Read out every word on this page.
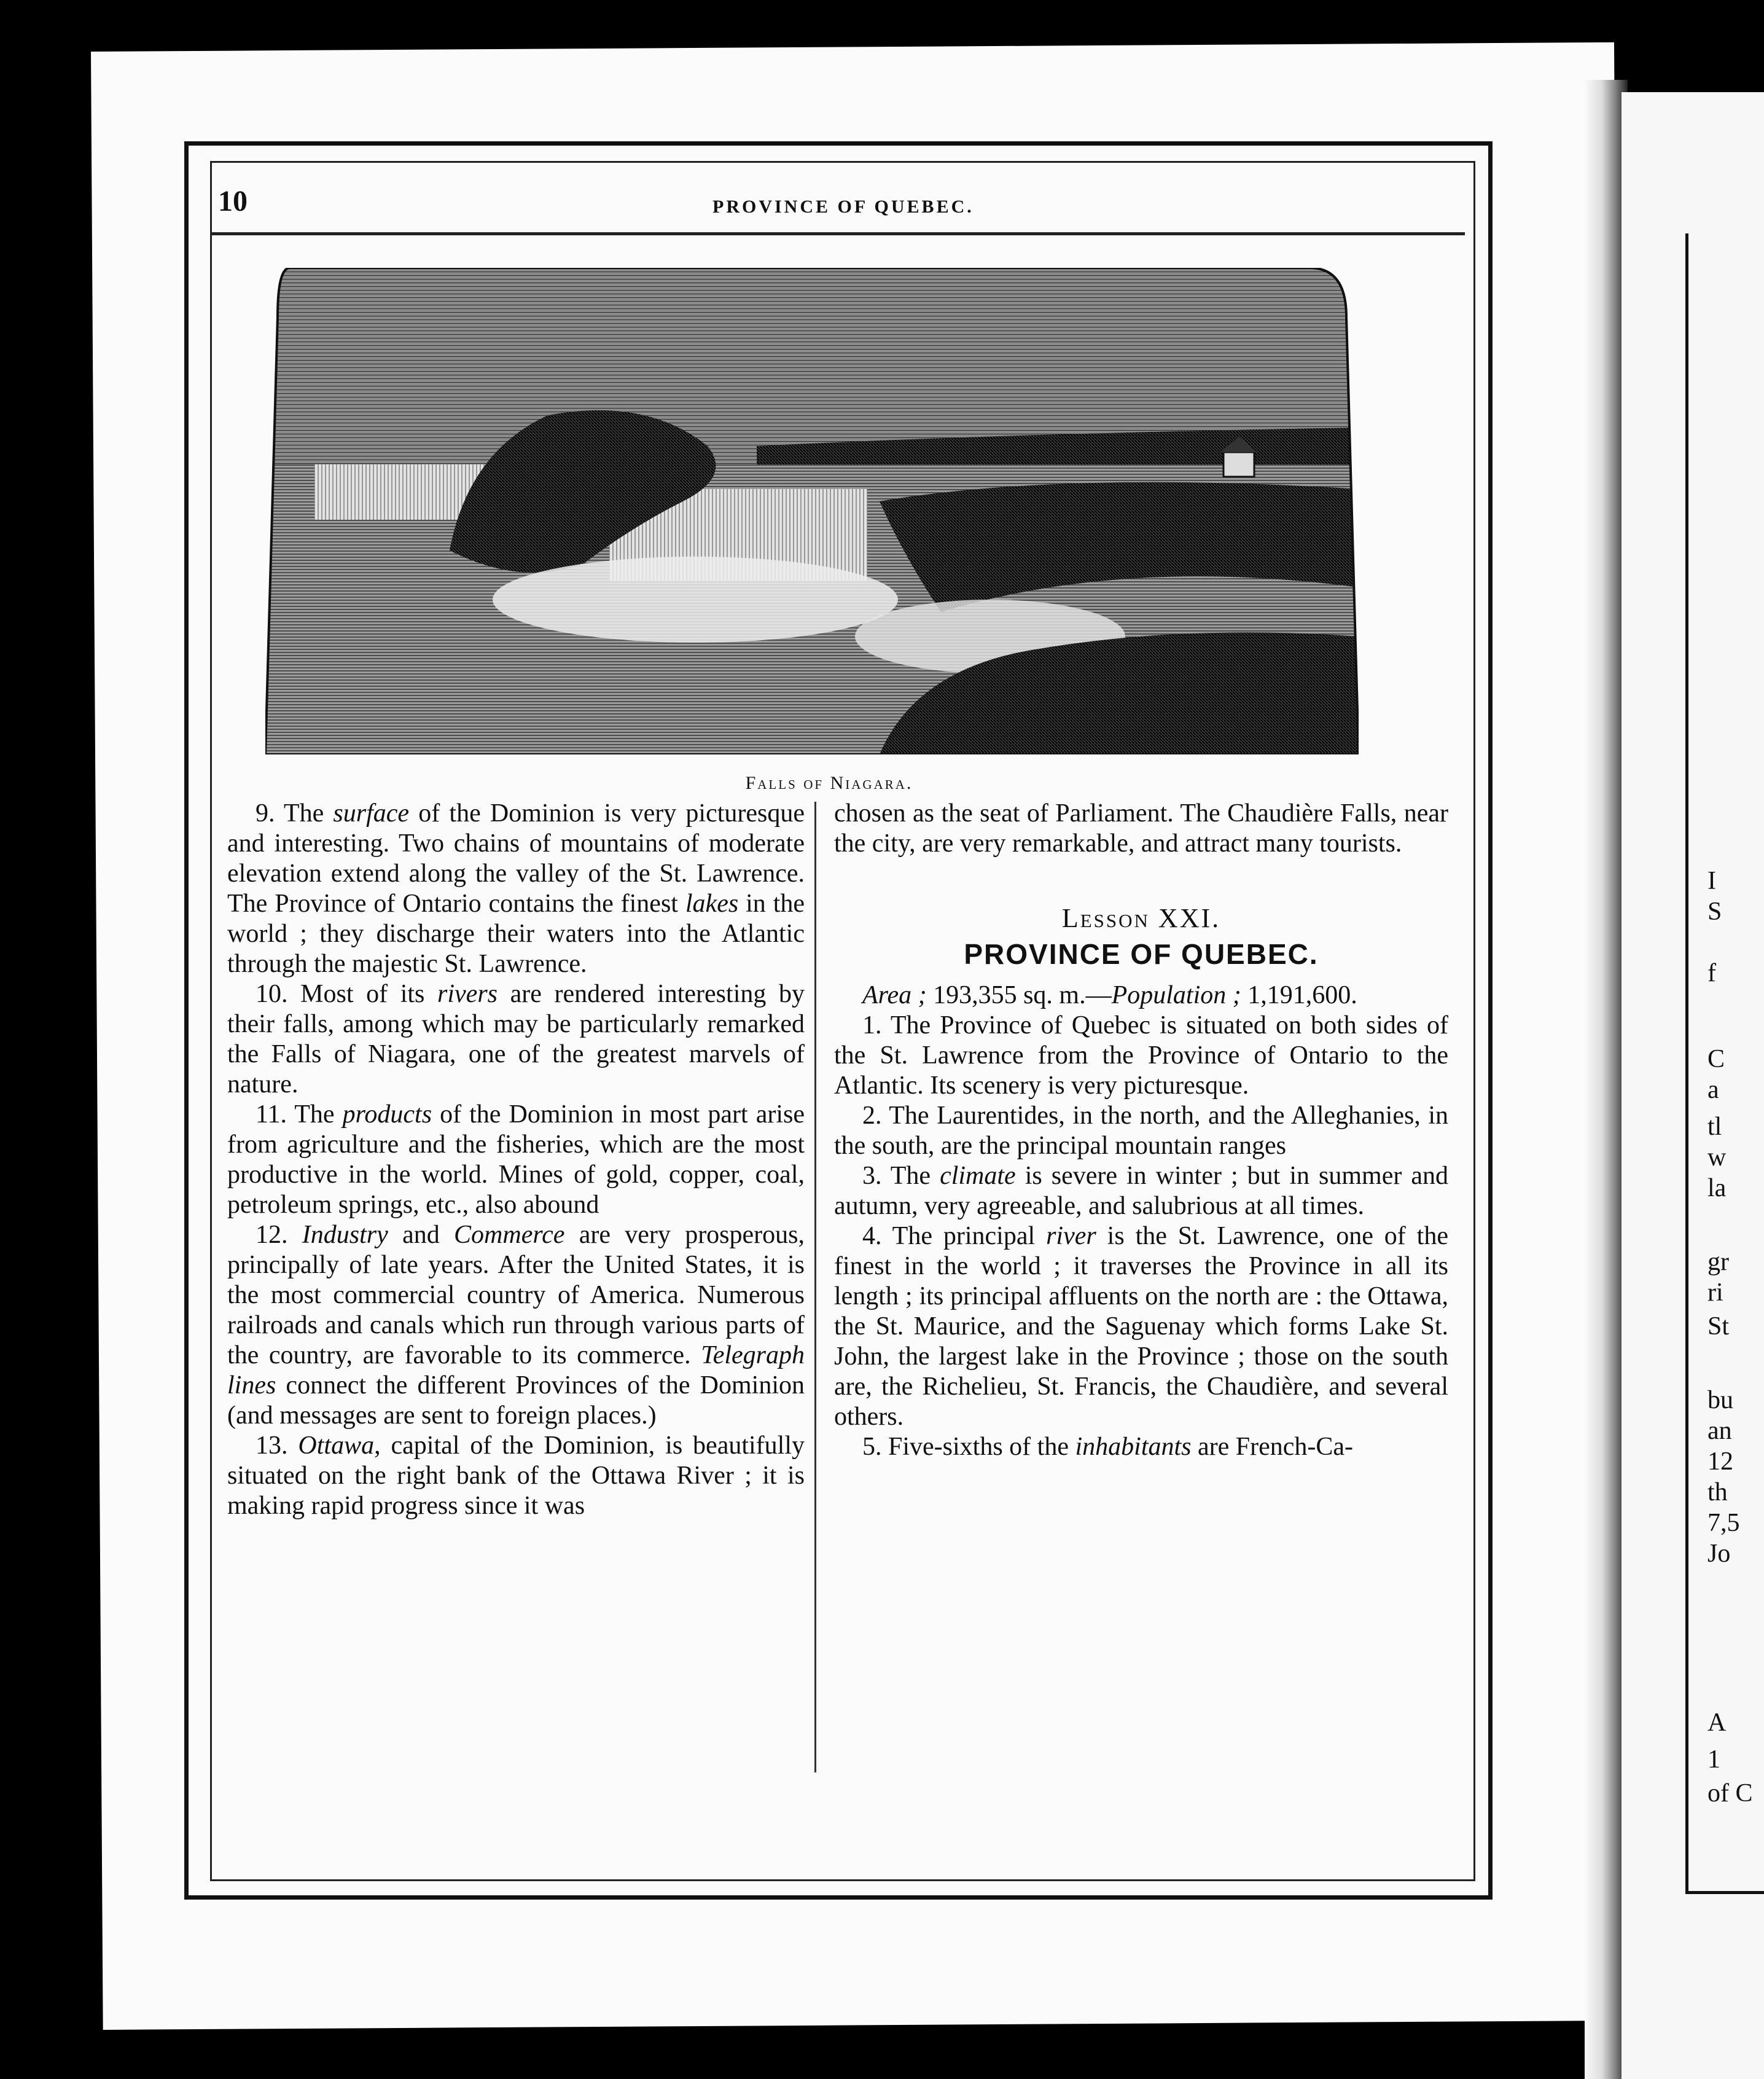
10	PROVINCE OF QUEBEC.
Falls of Niagara.

9. The surface of the Dominion is very picturesque and interesting. Two chains of mountains of moderate elevation extend along the valley of the St. Lawrence. The Province of Ontario contains the finest lakes in the world ; they discharge their waters into the Atlantic through the majestic St. Lawrence.

10. Most of its rivers are rendered interesting by their falls, among which may be particularly remarked the Falls of Niagara, one of the greatest marvels of nature.

11. The products of the Dominion in most part arise from agriculture and the fisheries, which are the most productive in the world. Mines of gold, copper, coal, petroleum springs, etc., also abound

12. Industry and Commerce are very prosperous, principally of late years. After the United States, it is the most commercial country of America. Numerous railroads and canals which run through various parts of the country, are favorable to its commerce. Telegraph lines connect the different Provinces of the Dominion (and messages are sent to foreign places.)

13. Ottawa, capital of the Dominion, is beautifully situated on the right bank of the Ottawa River ; it is making rapid progress since it was

chosen as the seat of Parliament. The Chaudière Falls, near the city, are very remarkable, and attract many tourists.

Lesson XXI.
PROVINCE OF QUEBEC.

Area ; 193,355 sq. m.—Population ; 1,191,600.

1. The Province of Quebec is situated on both sides of the St. Lawrence from the Province of Ontario to the Atlantic. Its scenery is very picturesque.

2. The Laurentides, in the north, and the Alleghanies, in the south, are the principal mountain ranges

3. The climate is severe in winter ; but in summer and autumn, very agreeable, and salubrious at all times.

4. The principal river is the St. Lawrence, one of the finest in the world ; it traverses the Province in all its length ; its principal affluents on the north are : the Ottawa, the St. Maurice, and the Saguenay which forms Lake St. John, the largest lake in the Province ; those on the south are, the Richelieu, St. Francis, the Chaudière, and several others.

5. Five-sixths of the inhabitants are French-Ca-

I
S
f
C
a
tl
w
la
gr
ri
St
bu
an
12
th
7,5
Jo
A
1
of C
